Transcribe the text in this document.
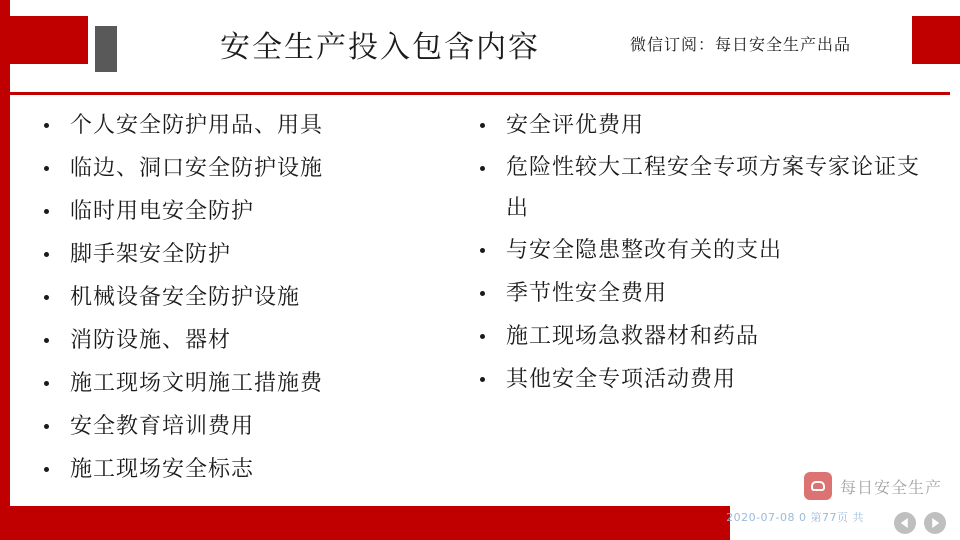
安全生产投入包含内容	微信订阅：每日安全生产出品
个人安全防护用品、用具
临边、洞口安全防护设施
临时用电安全防护
脚手架安全防护
机械设备安全防护设施
消防设施、器材
施工现场文明施工措施费
安全教育培训费用
施工现场安全标志
安全评优费用
危险性较大工程安全专项方案专家论证支出
与安全隐患整改有关的支出
季节性安全费用
施工现场急救器材和药品
其他安全专项活动费用
每日安全生产
2020-07-08 0 第77页 共
